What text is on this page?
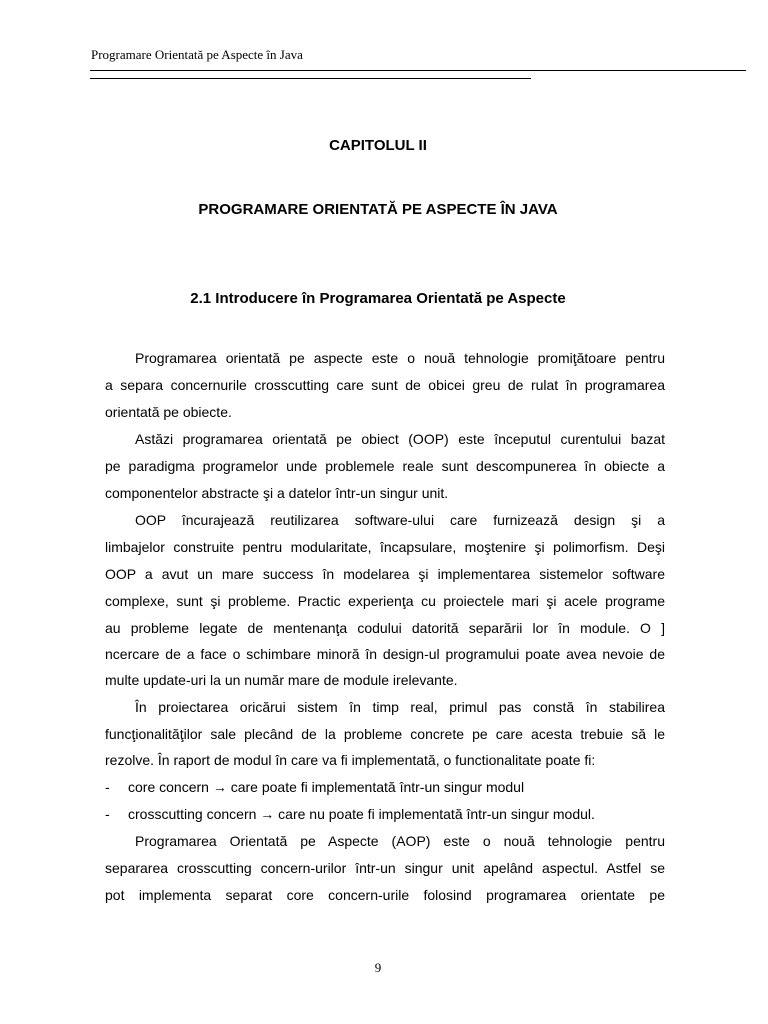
Programare Orientată pe Aspecte în Java
CAPITOLUL II
PROGRAMARE ORIENTATĂ PE ASPECTE ÎN JAVA
2.1 Introducere în Programarea Orientată pe Aspecte
Programarea orientată pe aspecte este o nouă tehnologie promiţătoare pentru
a separa concernurile crosscutting care sunt de obicei greu de rulat în programarea
orientată pe obiecte.
Astăzi programarea orientată pe obiect (OOP) este începutul curentului bazat
pe paradigma programelor unde problemele reale sunt descompunerea în obiecte a
componentelor abstracte şi a datelor într-un singur unit.
OOP încurajează reutilizarea software-ului care furnizează design şi a
limbajelor construite pentru modularitate, încapsulare, moştenire şi polimorfism. Deşi
OOP a avut un mare success în modelarea şi implementarea sistemelor software
complexe, sunt şi probleme. Practic experienţa cu proiectele mari şi acele programe
au probleme legate de mentenanţa codului datorită separării lor în module. O ]
ncercare de a face o schimbare minoră în design-ul programului poate avea nevoie de
multe update-uri la un număr mare de module irelevante.
În proiectarea oricărui sistem în timp real, primul pas constă în stabilirea
funcţionalităţilor sale plecând de la probleme concrete pe care acesta trebuie să le
rezolve. În raport de modul în care va fi implementată, o functionalitate poate fi:
- core concern → care poate fi implementată într-un singur modul
- crosscutting concern → care nu poate fi implementată într-un singur modul.
Programarea Orientată pe Aspecte (AOP) este o nouă tehnologie pentru
separarea crosscutting concern-urilor într-un singur unit apelând aspectul. Astfel se
pot implementa separat core concern-urile folosind programarea orientate pe
9
